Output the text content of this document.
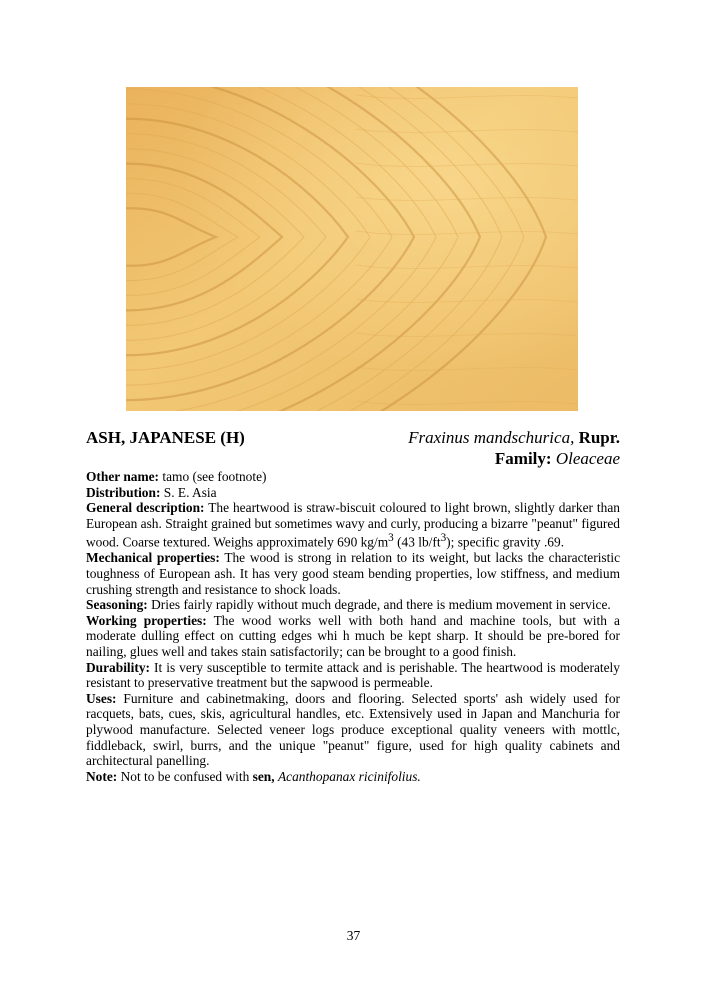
ASH, JAPANESE (H)	Fraxinus mandschurica, Rupr.
Family: Oleaceae

Other name: tamo (see footnote)

Distribution: S. E. Asia

General description: The heartwood is straw-biscuit coloured to light brown, slightly darker than European ash. Straight grained but sometimes wavy and curly, producing a bizarre "peanut" figured wood. Coarse textured. Weighs approximately 690 $kg/m^3$ (43 $lb/ft^3$); specific gravity .69.

Mechanical properties: The wood is strong in relation to its weight, but lacks the characteristic toughness of European ash. It has very good steam bending properties, low stiffness, and medium crushing strength and resistance to shock loads.

Seasoning: Dries fairly rapidly without much degrade, and there is medium movement in service.

Working properties: The wood works well with both hand and machine tools, but with a moderate dulling effect on cutting edges whi h much be kept sharp. It should be pre-bored for nailing, glues well and takes stain satisfactorily; can be brought to a good finish.

Durability: It is very susceptible to termite attack and is perishable. The heartwood is moderately resistant to preservative treatment but the sapwood is permeable.

Uses: Furniture and cabinetmaking, doors and flooring. Selected sports' ash widely used for racquets, bats, cues, skis, agricultural handles, etc. Extensively used in Japan and Manchuria for plywood manufacture. Selected veneer logs produce exceptional quality veneers with mottlc, fiddleback, swirl, burrs, and the unique "peanut" figure, used for high quality cabinets and architectural panelling.

Note: Not to be confused with sen, Acanthopanax ricinifolius.

37
